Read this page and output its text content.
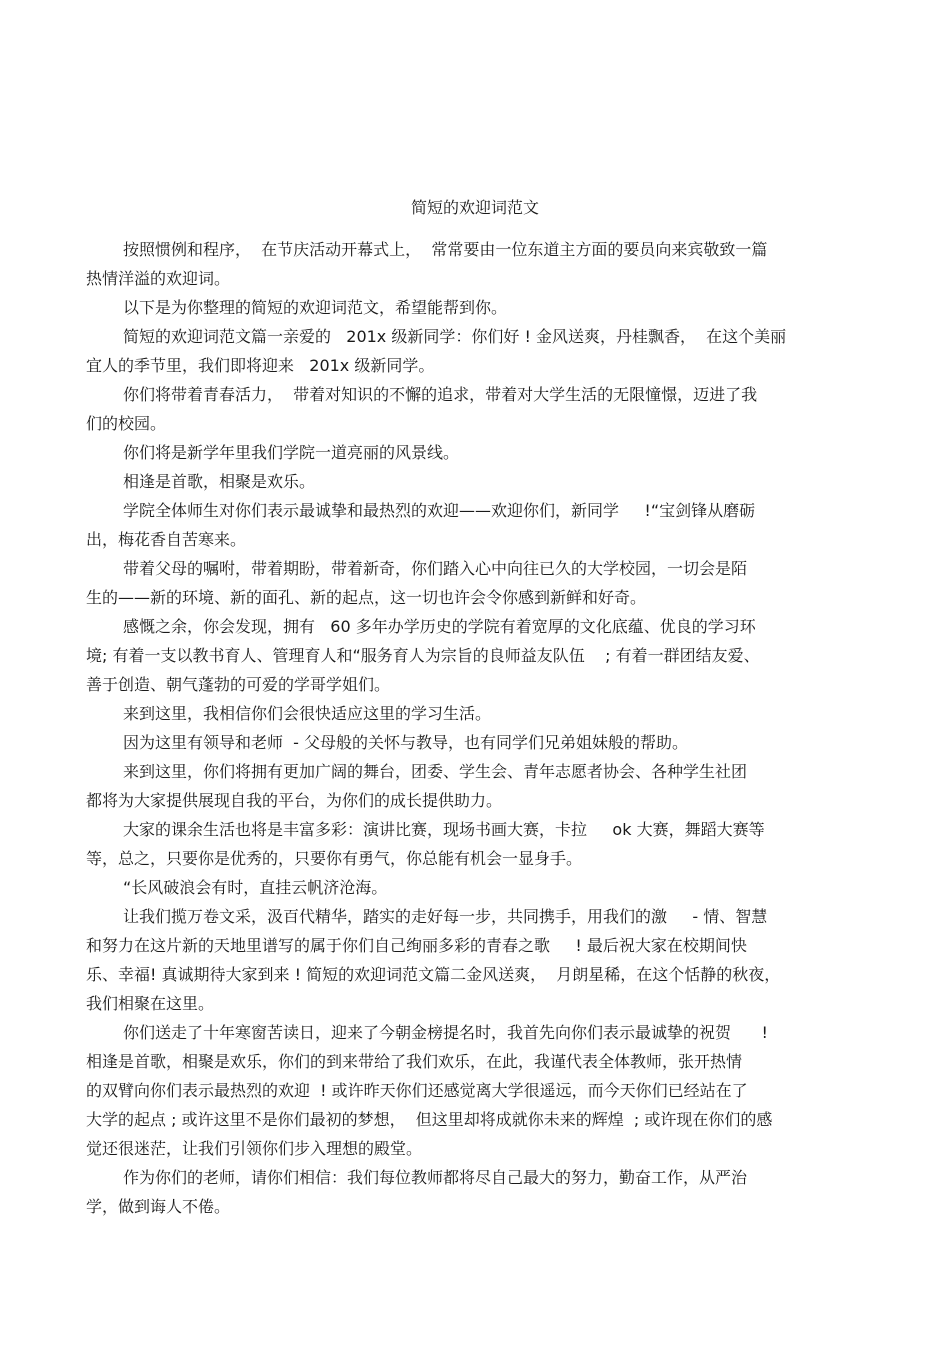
简短的欢迎词范文

按照惯例和程序，  在节庆活动开幕式上，  常常要由一位东道主方面的要员向来宾敬致一篇

热情洋溢的欢迎词。

以下是为你整理的简短的欢迎词范文，希望能帮到你。

简短的欢迎词范文篇一亲爱的   201x 级新同学：你们好 ! 金风送爽，丹桂飘香，  在这个美丽

宜人的季节里，我们即将迎来   201x 级新同学。

你们将带着青春活力，  带着对知识的不懈的追求，带着对大学生活的无限憧憬，迈进了我

们的校园。

你们将是新学年里我们学院一道亮丽的风景线。

相逢是首歌，相聚是欢乐。

学院全体师生对你们表示最诚挚和最热烈的欢迎——欢迎你们，新同学     !“宝剑锋从磨砺

出，梅花香自苦寒来。

带着父母的嘱咐，带着期盼，带着新奇，你们踏入心中向往已久的大学校园，一切会是陌

生的——新的环境、新的面孔、新的起点，这一切也许会令你感到新鲜和好奇。

感慨之余，你会发现，拥有   60 多年办学历史的学院有着宽厚的文化底蕴、优良的学习环

境; 有着一支以教书育人、管理育人和“服务育人为宗旨的良师益友队伍    ; 有着一群团结友爱、

善于创造、朝气蓬勃的可爱的学哥学姐们。

来到这里，我相信你们会很快适应这里的学习生活。

因为这里有领导和老师  - 父母般的关怀与教导，也有同学们兄弟姐妹般的帮助。

来到这里，你们将拥有更加广阔的舞台，团委、学生会、青年志愿者协会、各种学生社团

都将为大家提供展现自我的平台，为你们的成长提供助力。

大家的课余生活也将是丰富多彩：演讲比赛，现场书画大赛，卡拉     ok 大赛，舞蹈大赛等

等，总之，只要你是优秀的，只要你有勇气，你总能有机会一显身手。

“长风破浪会有时，直挂云帆济沧海。

让我们揽万卷文采，汲百代精华，踏实的走好每一步，共同携手，用我们的激     - 情、智慧

和努力在这片新的天地里谱写的属于你们自己绚丽多彩的青春之歌     ! 最后祝大家在校期间快

乐、幸福! 真诚期待大家到来 ! 简短的欢迎词范文篇二金风送爽，  月朗星稀，在这个恬静的秋夜，

我们相聚在这里。

你们送走了十年寒窗苦读日，迎来了今朝金榜提名时，我首先向你们表示最诚挚的祝贺      !

相逢是首歌，相聚是欢乐，你们的到来带给了我们欢乐，在此，我谨代表全体教师，张开热情

的双臂向你们表示最热烈的欢迎  ! 或许昨天你们还感觉离大学很遥远，而今天你们已经站在了

大学的起点 ; 或许这里不是你们最初的梦想，  但这里却将成就你未来的辉煌  ; 或许现在你们的感

觉还很迷茫，让我们引领你们步入理想的殿堂。

作为你们的老师，请你们相信：我们每位教师都将尽自己最大的努力，勤奋工作，从严治

学，做到诲人不倦。
